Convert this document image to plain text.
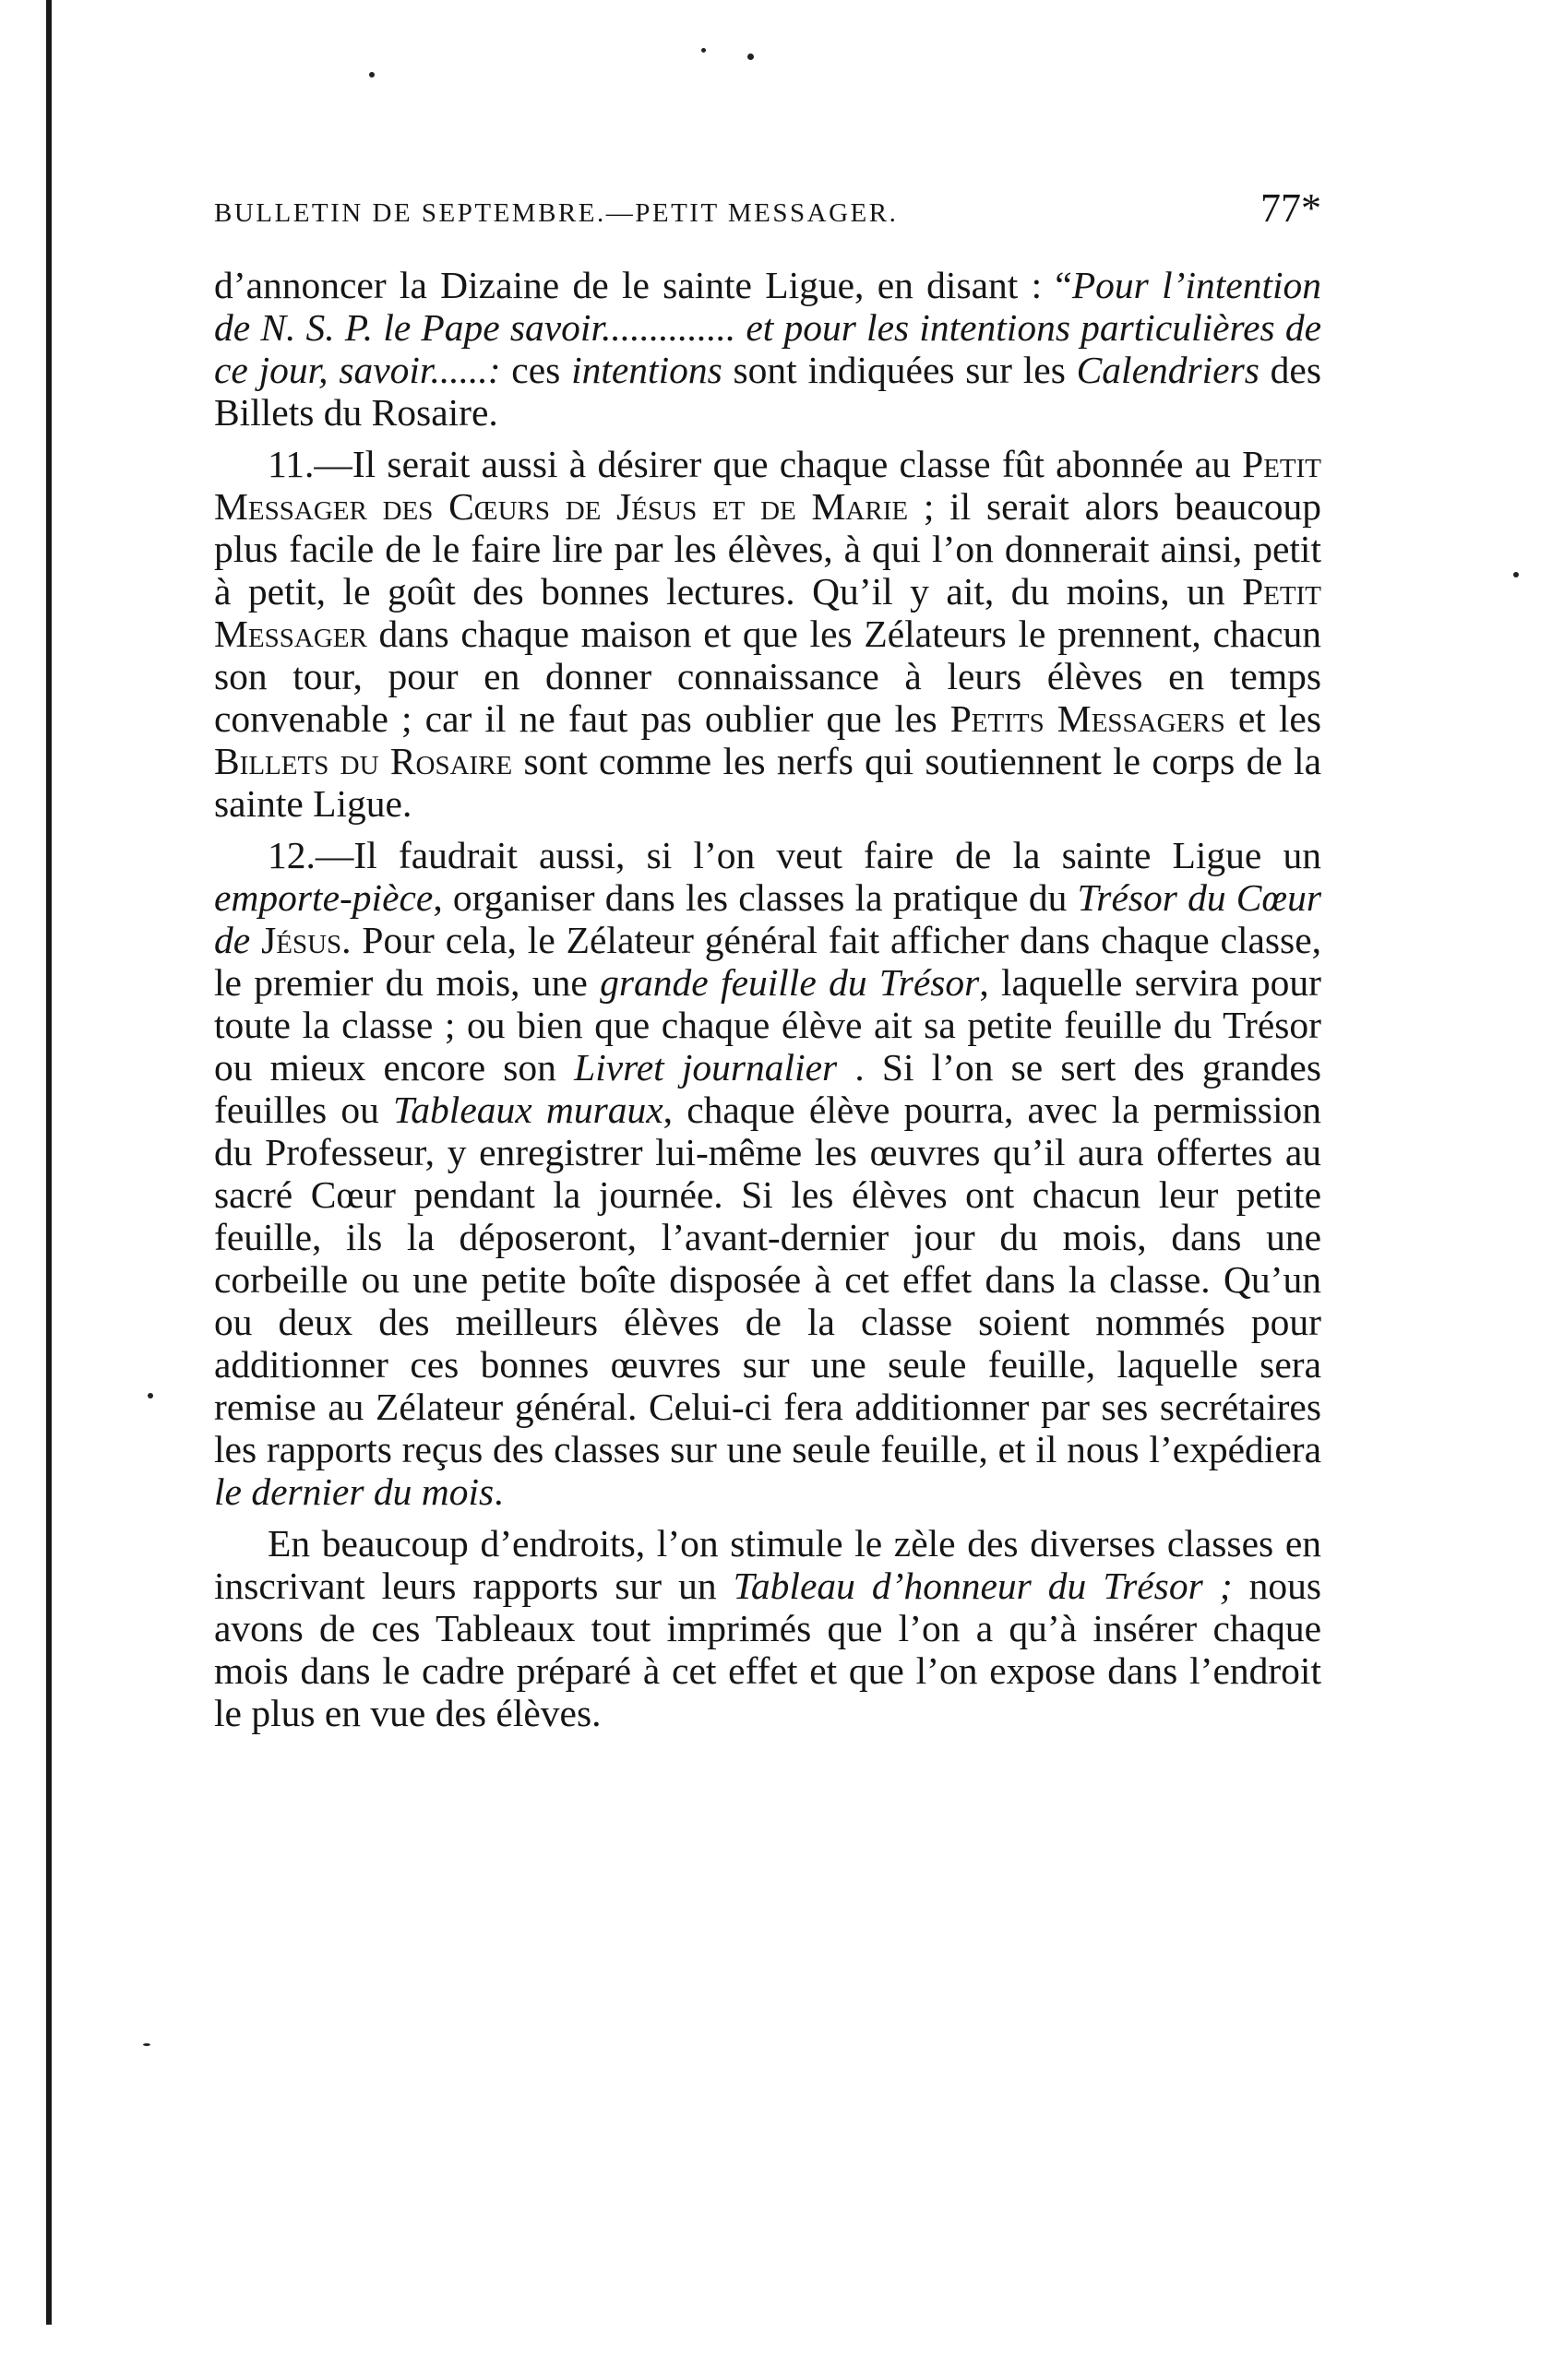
BULLETIN DE SEPTEMBRE.—PETIT MESSAGER.	77*

d’annoncer la Dizaine de le sainte Ligue, en disant : “Pour l’intention de N. S. P. le Pape savoir.............. et pour les intentions particulières de ce jour, savoir......: ces intentions sont indiquées sur les Calendriers des Billets du Rosaire.

11.—Il serait aussi à désirer que chaque classe fût abonnée au Petit Messager des Cœurs de Jésus et de Marie ; il serait alors beaucoup plus facile de le faire lire par les élèves, à qui l’on donnerait ainsi, petit à petit, le goût des bonnes lectures. Qu’il y ait, du moins, un Petit Messager dans chaque maison et que les Zélateurs le prennent, chacun son tour, pour en donner connaissance à leurs élèves en temps convenable ; car il ne faut pas oublier que les Petits Messagers et les Billets du Rosaire sont comme les nerfs qui soutiennent le corps de la sainte Ligue.

12.—Il faudrait aussi, si l’on veut faire de la sainte Ligue un emporte-pièce, organiser dans les classes la pratique du Trésor du Cœur de Jésus. Pour cela, le Zélateur général fait afficher dans chaque classe, le premier du mois, une grande feuille du Trésor, laquelle servira pour toute la classe ; ou bien que chaque élève ait sa petite feuille du Trésor ou mieux encore son Livret journalier . Si l’on se sert des grandes feuilles ou Tableaux muraux, chaque élève pourra, avec la permission du Professeur, y enregistrer lui-même les œuvres qu’il aura offertes au sacré Cœur pendant la journée. Si les élèves ont chacun leur petite feuille, ils la déposeront, l’avant-dernier jour du mois, dans une corbeille ou une petite boîte disposée à cet effet dans la classe. Qu’un ou deux des meilleurs élèves de la classe soient nommés pour additionner ces bonnes œuvres sur une seule feuille, laquelle sera remise au Zélateur général. Celui-ci fera additionner par ses secrétaires les rapports reçus des classes sur une seule feuille, et il nous l’expédiera le dernier du mois.

En beaucoup d’endroits, l’on stimule le zèle des diverses classes en inscrivant leurs rapports sur un Tableau d’honneur du Trésor ; nous avons de ces Tableaux tout imprimés que l’on a qu’à insérer chaque mois dans le cadre préparé à cet effet et que l’on expose dans l’endroit le plus en vue des élèves.
